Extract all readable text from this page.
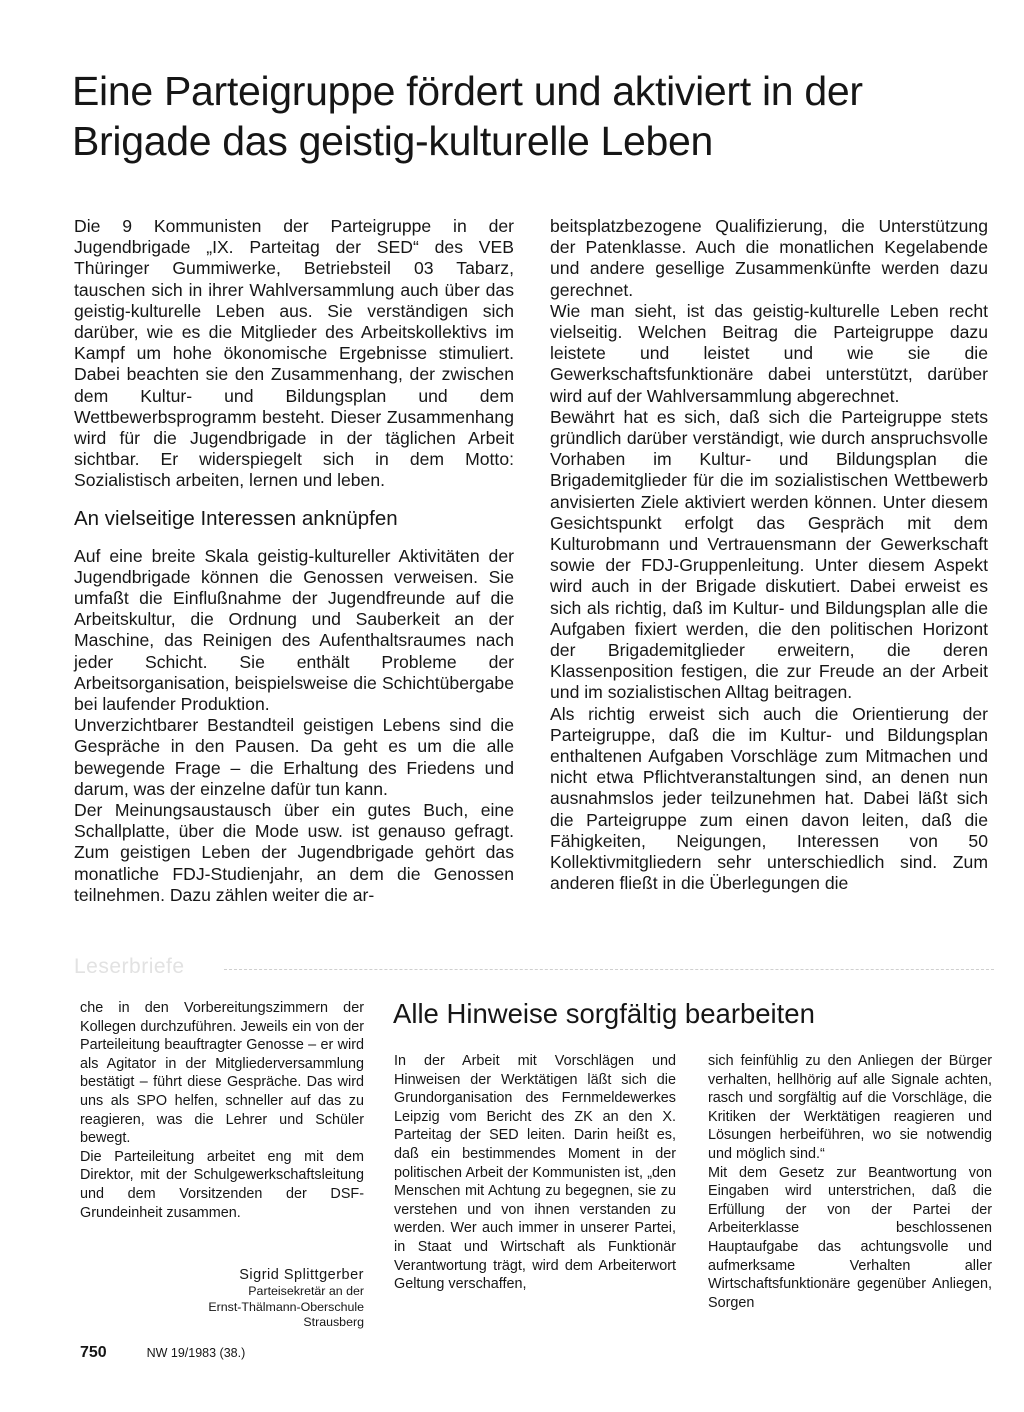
Eine Parteigruppe fördert und aktiviert in der Brigade das geistig-kulturelle Leben

Die 9 Kommunisten der Parteigruppe in der Jugendbrigade „IX. Parteitag der SED“ des VEB Thüringer Gummiwerke, Betriebsteil 03 Tabarz, tauschen sich in ihrer Wahlversammlung auch über das geistig-kulturelle Leben aus. Sie verständigen sich darüber, wie es die Mitglieder des Arbeitskollektivs im Kampf um hohe ökonomische Ergebnisse stimuliert. Dabei beachten sie den Zusammenhang, der zwischen dem Kultur- und Bildungsplan und dem Wettbewerbsprogramm besteht. Dieser Zusammenhang wird für die Jugendbrigade in der täglichen Arbeit sichtbar. Er widerspiegelt sich in dem Motto: Sozialistisch arbeiten, lernen und leben.

An vielseitige Interessen anknüpfen

Auf eine breite Skala geistig-kultureller Aktivitäten der Jugendbrigade können die Genossen verweisen. Sie umfaßt die Einflußnahme der Jugendfreunde auf die Arbeitskultur, die Ordnung und Sauberkeit an der Maschine, das Reinigen des Aufenthaltsraumes nach jeder Schicht. Sie enthält Probleme der Arbeitsorganisation, beispielsweise die Schichtübergabe bei laufender Produktion.

Unverzichtbarer Bestandteil geistigen Lebens sind die Gespräche in den Pausen. Da geht es um die alle bewegende Frage – die Erhaltung des Friedens und darum, was der einzelne dafür tun kann.

Der Meinungsaustausch über ein gutes Buch, eine Schallplatte, über die Mode usw. ist genauso gefragt. Zum geistigen Leben der Jugendbrigade gehört das monatliche FDJ-Studienjahr, an dem die Genossen teilnehmen. Dazu zählen weiter die ar-

beitsplatzbezogene Qualifizierung, die Unterstützung der Patenklasse. Auch die monatlichen Kegelabende und andere gesellige Zusammenkünfte werden dazu gerechnet.

Wie man sieht, ist das geistig-kulturelle Leben recht vielseitig. Welchen Beitrag die Parteigruppe dazu leistete und leistet und wie sie die Gewerkschaftsfunktionäre dabei unterstützt, darüber wird auf der Wahlversammlung abgerechnet.

Bewährt hat es sich, daß sich die Parteigruppe stets gründlich darüber verständigt, wie durch anspruchsvolle Vorhaben im Kultur- und Bildungsplan die Brigademitglieder für die im sozialistischen Wettbewerb anvisierten Ziele aktiviert werden können. Unter diesem Gesichtspunkt erfolgt das Gespräch mit dem Kulturobmann und Vertrauensmann der Gewerkschaft sowie der FDJ-Gruppenleitung. Unter diesem Aspekt wird auch in der Brigade diskutiert. Dabei erweist es sich als richtig, daß im Kultur- und Bildungsplan alle die Aufgaben fixiert werden, die den politischen Horizont der Brigademitglieder erweitern, die deren Klassenposition festigen, die zur Freude an der Arbeit und im sozialistischen Alltag beitragen.

Als richtig erweist sich auch die Orientierung der Parteigruppe, daß die im Kultur- und Bildungsplan enthaltenen Aufgaben Vorschläge zum Mitmachen und nicht etwa Pflichtveranstaltungen sind, an denen nun ausnahmslos jeder teilzunehmen hat. Dabei läßt sich die Parteigruppe zum einen davon leiten, daß die Fähigkeiten, Neigungen, Interessen von 50 Kollektivmitgliedern sehr unterschiedlich sind. Zum anderen fließt in die Überlegungen die

Leserbriefe

che in den Vorbereitungszimmern der Kollegen durchzuführen. Jeweils ein von der Parteileitung beauftragter Genosse – er wird als Agitator in der Mitgliederversammlung bestätigt – führt diese Gespräche. Das wird uns als SPO helfen, schneller auf das zu reagieren, was die Lehrer und Schüler bewegt.

Die Parteileitung arbeitet eng mit dem Direktor, mit der Schulgewerkschaftsleitung und dem Vorsitzenden der DSF-Grundeinheit zusammen.

Sigrid Splittgerber
Parteisekretär an der
Ernst-Thälmann-Oberschule Strausberg
Alle Hinweise sorgfältig bearbeiten

In der Arbeit mit Vorschlägen und Hinweisen der Werktätigen läßt sich die Grundorganisation des Fernmeldewerkes Leipzig vom Bericht des ZK an den X. Parteitag der SED leiten. Darin heißt es, daß ein bestimmendes Moment in der politischen Arbeit der Kommunisten ist, „den Menschen mit Achtung zu begegnen, sie zu verstehen und von ihnen verstanden zu werden. Wer auch immer in unserer Partei, in Staat und Wirtschaft als Funktionär Verantwortung trägt, wird dem Arbeiterwort Geltung verschaffen,

sich feinfühlig zu den Anliegen der Bürger verhalten, hellhörig auf alle Signale achten, rasch und sorgfältig auf die Vorschläge, die Kritiken der Werktätigen reagieren und Lösungen herbeiführen, wo sie notwendig und möglich sind.“

Mit dem Gesetz zur Beantwortung von Eingaben wird unterstrichen, daß die Erfüllung der von der Partei der Arbeiterklasse beschlossenen Hauptaufgabe das achtungsvolle und aufmerksame Verhalten aller Wirtschaftsfunktionäre gegenüber Anliegen, Sorgen

750	NW 19/1983 (38.)
